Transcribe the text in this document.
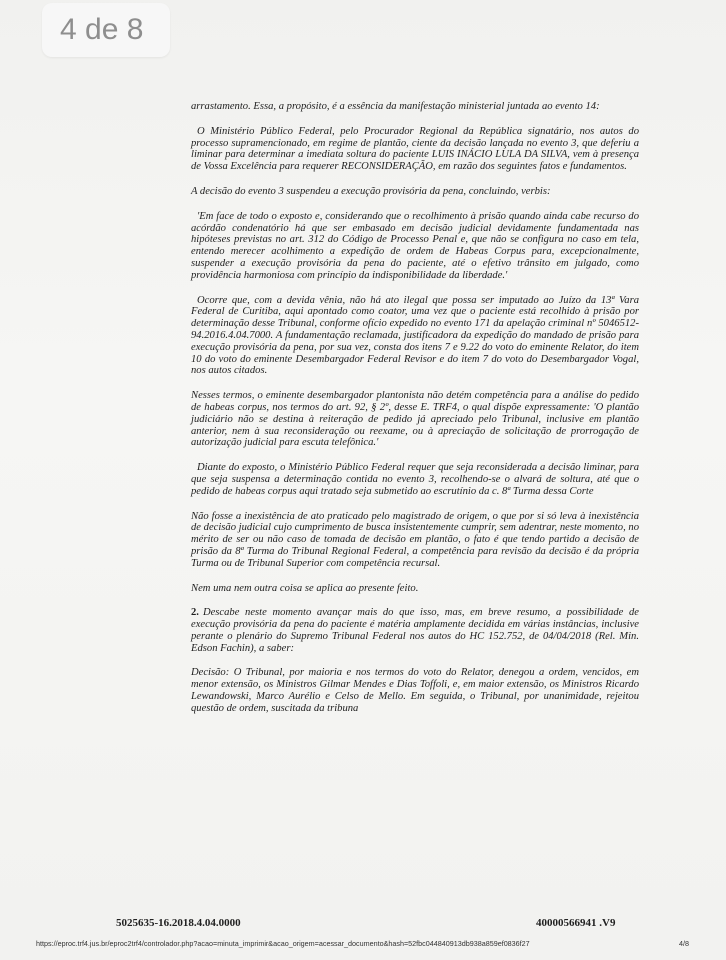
4 de 8

arrastamento. Essa, a propósito, é a essência da manifestação ministerial juntada ao evento 14:

O Ministério Público Federal, pelo Procurador Regional da República signatário, nos autos do processo supramencionado, em regime de plantão, ciente da decisão lançada no evento 3, que deferiu a liminar para determinar a imediata soltura do paciente LUIS INÁCIO LULA DA SILVA, vem à presença de Vossa Excelência para requerer RECONSIDERAÇÃO, em razão dos seguintes fatos e fundamentos.

A decisão do evento 3 suspendeu a execução provisória da pena, concluindo, verbis:

'Em face de todo o exposto e, considerando que o recolhimento à prisão quando ainda cabe recurso do acórdão condenatório há que ser embasado em decisão judicial devidamente fundamentada nas hipóteses previstas no art. 312 do Código de Processo Penal e, que não se configura no caso em tela, entendo merecer acolhimento a expedição de ordem de Habeas Corpus para, excepcionalmente, suspender a execução provisória da pena do paciente, até o efetivo trânsito em julgado, como providência harmoniosa com princípio da indisponibilidade da liberdade.'

Ocorre que, com a devida vênia, não há ato ilegal que possa ser imputado ao Juízo da 13ª Vara Federal de Curitiba, aqui apontado como coator, uma vez que o paciente está recolhido à prisão por determinação desse Tribunal, conforme ofício expedido no evento 171 da apelação criminal nº 5046512-94.2016.4.04.7000. A fundamentação reclamada, justificadora da expedição do mandado de prisão para execução provisória da pena, por sua vez, consta dos itens 7 e 9.22 do voto do eminente Relator, do item 10 do voto do eminente Desembargador Federal Revisor e do item 7 do voto do Desembargador Vogal, nos autos citados.

Nesses termos, o eminente desembargador plantonista não detém competência para a análise do pedido de habeas corpus, nos termos do art. 92, § 2º, desse E. TRF4, o qual dispõe expressamente: 'O plantão judiciário não se destina à reiteração de pedido já apreciado pelo Tribunal, inclusive em plantão anterior, nem à sua reconsideração ou reexame, ou à apreciação de solicitação de prorrogação de autorização judicial para escuta telefônica.'

Diante do exposto, o Ministério Público Federal requer que seja reconsiderada a decisão liminar, para que seja suspensa a determinação contida no evento 3, recolhendo-se o alvará de soltura, até que o pedido de habeas corpus aqui tratado seja submetido ao escrutínio da c. 8ª Turma dessa Corte

Não fosse a inexistência de ato praticado pelo magistrado de origem, o que por si só leva à inexistência de decisão judicial cujo cumprimento de busca insistentemente cumprir, sem adentrar, neste momento, no mérito de ser ou não caso de tomada de decisão em plantão, o fato é que tendo partido a decisão de prisão da 8ª Turma do Tribunal Regional Federal, a competência para revisão da decisão é da própria Turma ou de Tribunal Superior com competência recursal.

Nem uma nem outra coisa se aplica ao presente feito.

2. Descabe neste momento avançar mais do que isso, mas, em breve resumo, a possibilidade de execução provisória da pena do paciente é matéria amplamente decidida em várias instâncias, inclusive perante o plenário do Supremo Tribunal Federal nos autos do HC 152.752, de 04/04/2018 (Rel. Min. Edson Fachin), a saber:

Decisão: O Tribunal, por maioria e nos termos do voto do Relator, denegou a ordem, vencidos, em menor extensão, os Ministros Gilmar Mendes e Dias Toffoli, e, em maior extensão, os Ministros Ricardo Lewandowski, Marco Aurélio e Celso de Mello. Em seguida, o Tribunal, por unanimidade, rejeitou questão de ordem, suscitada da tribuna

5025635-16.2018.4.04.0000	40000566941 .V9
https://eproc.trf4.jus.br/eproc2trf4/controlador.php?acao=minuta_imprimir&acao_origem=acessar_documento&hash=52fbc044840913db938a859ef0836f27	4/8
